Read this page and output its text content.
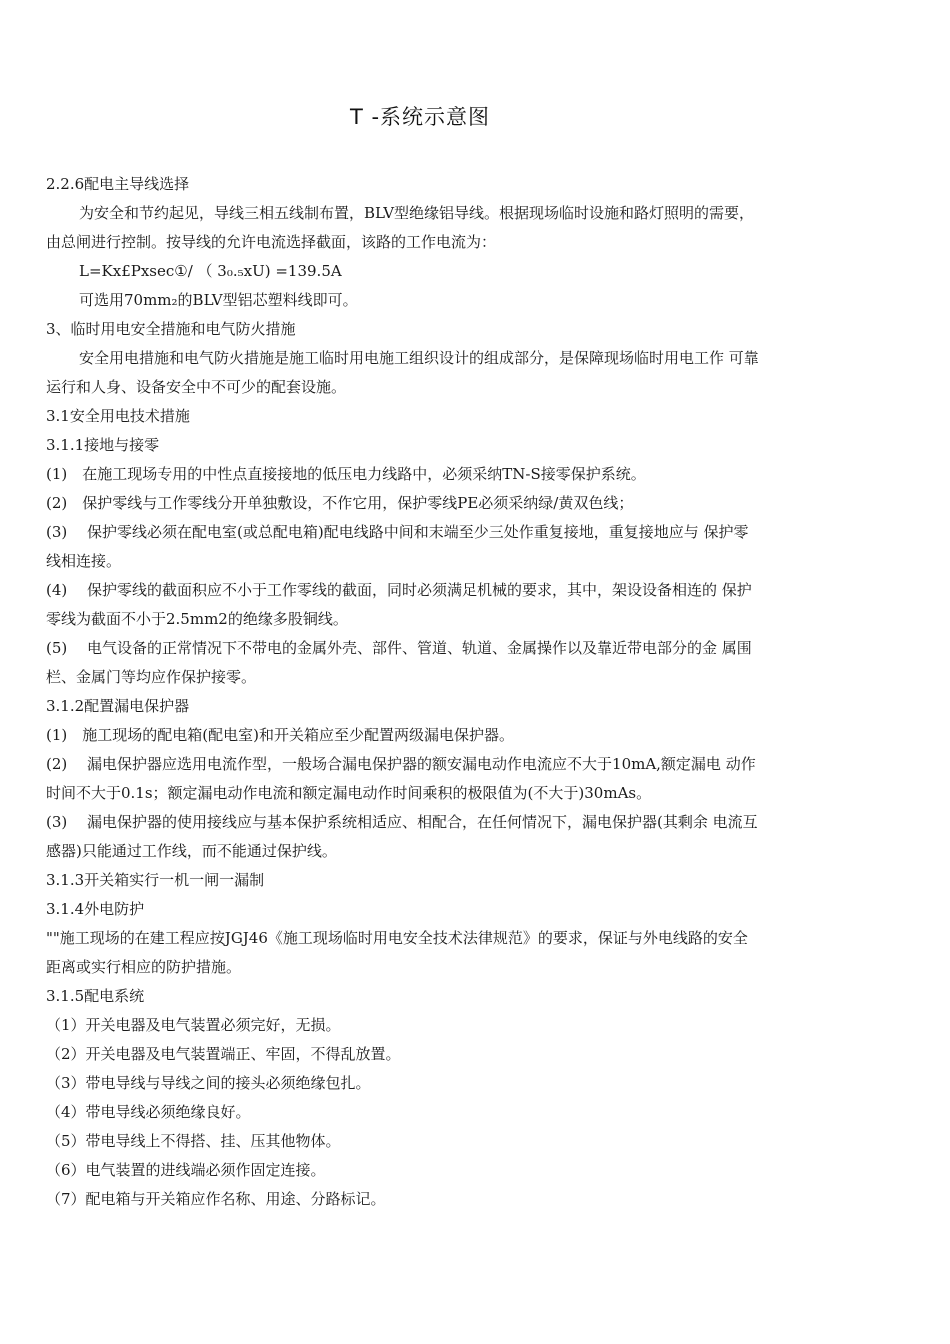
T -系统示意图
2.2.6配电主导线选择
为安全和节约起见，导线三相五线制布置，BLV型绝缘铝导线。根据现场临时设施和路灯照明的需要，
由总闸进行控制。按导线的允许电流选择截面，该路的工作电流为：
L=Kx£Pxsec①/ （ 3₀.₅xU) =139.5A
可选用70mm₂的BLV型铝芯塑料线即可。
3、临时用电安全措施和电气防火措施
安全用电措施和电气防火措施是施工临时用电施工组织设计的组成部分，是保障现场临时用电工作 可靠
运行和人身、设备安全中不可少的配套设施。
3.1安全用电技术措施
3.1.1接地与接零
(1)　在施工现场专用的中性点直接接地的低压电力线路中，必须采纳TN-S接零保护系统。
(2)　保护零线与工作零线分开单独敷设，不作它用，保护零线PE必须采纳绿/黄双色线；
(3)　 保护零线必须在配电室(或总配电箱)配电线路中间和末端至少三处作重复接地，重复接地应与 保护零
线相连接。
(4)　 保护零线的截面积应不小于工作零线的截面，同时必须满足机械的要求，其中，架设设备相连的 保护
零线为截面不小于2.5mm2的绝缘多股铜线。
(5)　 电气设备的正常情况下不带电的金属外壳、部件、管道、轨道、金属操作以及靠近带电部分的金 属围
栏、金属门等均应作保护接零。
3.1.2配置漏电保护器
(1)　施工现场的配电箱(配电室)和开关箱应至少配置两级漏电保护器。
(2)　 漏电保护器应选用电流作型，一般场合漏电保护器的额安漏电动作电流应不大于10mA,额定漏电 动作
时间不大于0.1s；额定漏电动作电流和额定漏电动作时间乘积的极限值为(不大于)30mAs。
(3)　 漏电保护器的使用接线应与基本保护系统相适应、相配合，在任何情况下，漏电保护器(其剩余 电流互
感器)只能通过工作线，而不能通过保护线。
3.1.3开关箱实行一机一闸一漏制
3.1.4外电防护
""施工现场的在建工程应按JGJ46《施工现场临时用电安全技术法律规范》的要求，保证与外电线路的安全
距离或实行相应的防护措施。
3.1.5配电系统
（1）开关电器及电气装置必须完好，无损。
（2）开关电器及电气装置端正、牢固，不得乱放置。
（3）带电导线与导线之间的接头必须绝缘包扎。
（4）带电导线必须绝缘良好。
（5）带电导线上不得搭、挂、压其他物体。
（6）电气装置的进线端必须作固定连接。
（7）配电箱与开关箱应作名称、用途、分路标记。
